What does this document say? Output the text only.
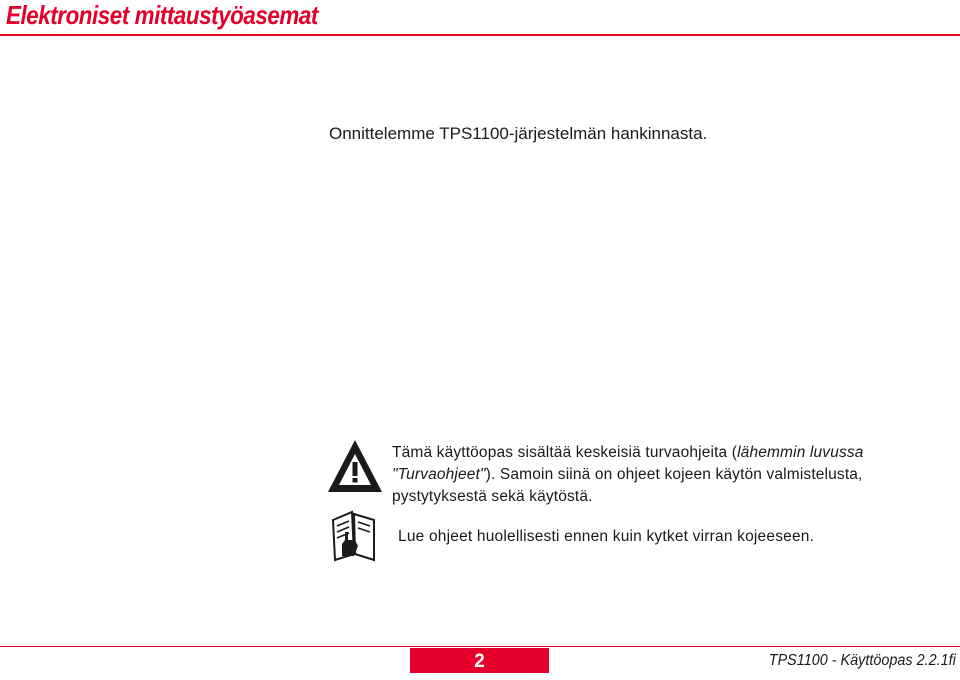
Elektroniset mittaustyöasemat
Onnittelemme TPS1100-järjestelmän hankinnasta.
Tämä käyttöopas sisältää keskeisiä turvaohjeita (lähemmin luvussa
"Turvaohjeet"). Samoin siinä on ohjeet kojeen käytön valmistelusta, pystytyksestä sekä käytöstä.
Lue ohjeet huolellisesti ennen kuin kytket virran kojeeseen.
2	TPS1100 - Käyttöopas 2.2.1fi
